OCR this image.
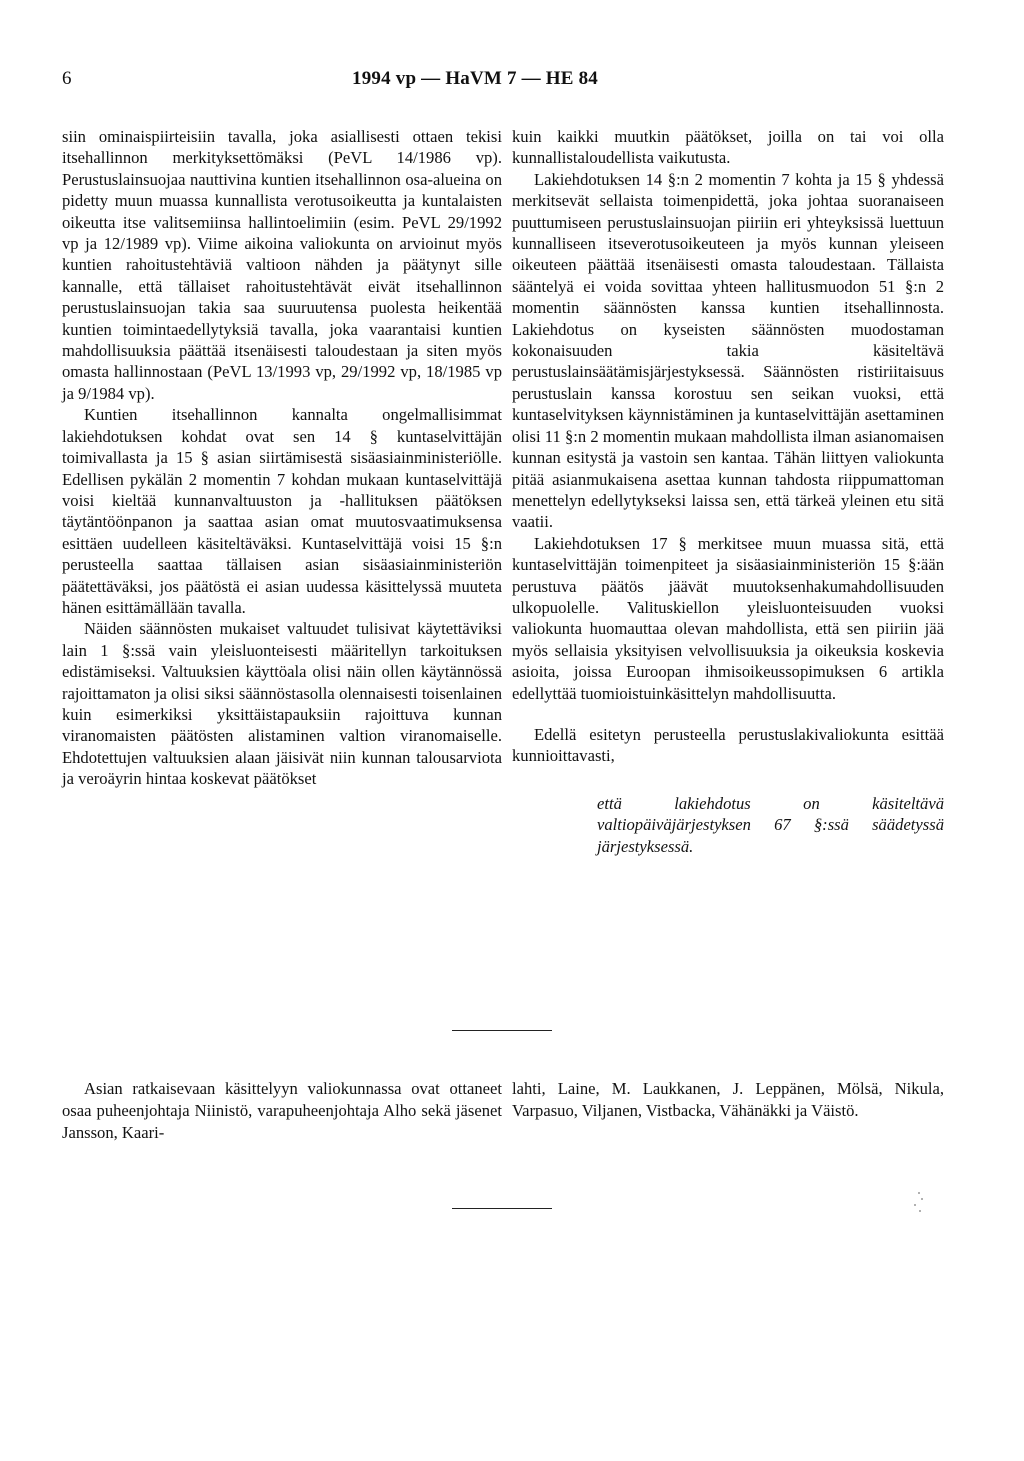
6	1994 vp — HaVM 7 — HE 84

siin ominaispiirteisiin tavalla, joka asiallisesti ottaen tekisi itsehallinnon merkityksettömäksi (PeVL 14/1986 vp). Perustuslainsuojaa nauttivina kuntien itsehallinnon osa-alueina on pidetty muun muassa kunnallista verotusoikeutta ja kuntalaisten oikeutta itse valitsemiinsa hallintoelimiin (esim. PeVL 29/1992 vp ja 12/1989 vp). Viime aikoina valiokunta on arvioinut myös kuntien rahoitustehtäviä valtioon nähden ja päätynyt sille kannalle, että tällaiset rahoitustehtävät eivät itsehallinnon perustuslainsuojan takia saa suuruutensa puolesta heikentää kuntien toimintaedellytyksiä tavalla, joka vaarantaisi kuntien mahdollisuuksia päättää itsenäisesti taloudestaan ja siten myös omasta hallinnostaan (PeVL 13/1993 vp, 29/1992 vp, 18/1985 vp ja 9/1984 vp).

Kuntien itsehallinnon kannalta ongelmallisimmat lakiehdotuksen kohdat ovat sen 14 § kuntaselvittäjän toimivallasta ja 15 § asian siirtämisestä sisäasiainministeriölle. Edellisen pykälän 2 momentin 7 kohdan mukaan kuntaselvittäjä voisi kieltää kunnanvaltuuston ja -hallituksen päätöksen täytäntöönpanon ja saattaa asian omat muutosvaatimuksensa esittäen uudelleen käsiteltäväksi. Kuntaselvittäjä voisi 15 §:n perusteella saattaa tällaisen asian sisäasiainministeriön päätettäväksi, jos päätöstä ei asian uudessa käsittelyssä muuteta hänen esittämällään tavalla.

Näiden säännösten mukaiset valtuudet tulisivat käytettäviksi lain 1 §:ssä vain yleisluonteisesti määritellyn tarkoituksen edistämiseksi. Valtuuksien käyttöala olisi näin ollen käytännössä rajoittamaton ja olisi siksi säännöstasolla olennaisesti toisenlainen kuin esimerkiksi yksittäistapauksiin rajoittuva kunnan viranomaisten päätösten alistaminen valtion viranomaiselle. Ehdotettujen valtuuksien alaan jäisivät niin kunnan talousarviota ja veroäyrin hintaa koskevat päätökset

kuin kaikki muutkin päätökset, joilla on tai voi olla kunnallistaloudellista vaikutusta.

Lakiehdotuksen 14 §:n 2 momentin 7 kohta ja 15 § yhdessä merkitsevät sellaista toimenpidettä, joka johtaa suoranaiseen puuttumiseen perustuslainsuojan piiriin eri yhteyksissä luettuun kunnalliseen itseverotusoikeuteen ja myös kunnan yleiseen oikeuteen päättää itsenäisesti omasta taloudestaan. Tällaista sääntelyä ei voida sovittaa yhteen hallitusmuodon 51 §:n 2 momentin säännösten kanssa kuntien itsehallinnosta. Lakiehdotus on kyseisten säännösten muodostaman kokonaisuuden takia käsiteltävä perustuslainsäätämisjärjestyksessä. Säännösten ristiriitaisuus perustuslain kanssa korostuu sen seikan vuoksi, että kuntaselvityksen käynnistäminen ja kuntaselvittäjän asettaminen olisi 11 §:n 2 momentin mukaan mahdollista ilman asianomaisen kunnan esitystä ja vastoin sen kantaa. Tähän liittyen valiokunta pitää asianmukaisena asettaa kunnan tahdosta riippumattoman menettelyn edellytykseksi laissa sen, että tärkeä yleinen etu sitä vaatii.

Lakiehdotuksen 17 § merkitsee muun muassa sitä, että kuntaselvittäjän toimenpiteet ja sisäasiainministeriön 15 §:ään perustuva päätös jäävät muutoksenhakumahdollisuuden ulkopuolelle. Valituskiellon yleisluonteisuuden vuoksi valiokunta huomauttaa olevan mahdollista, että sen piiriin jää myös sellaisia yksityisen velvollisuuksia ja oikeuksia koskevia asioita, joissa Euroopan ihmisoikeussopimuksen 6 artikla edellyttää tuomioistuinkäsittelyn mahdollisuutta.

Edellä esitetyn perusteella perustuslakivaliokunta esittää kunnioittavasti,

että lakiehdotus on käsiteltävä valtiopäiväjärjestyksen 67 §:ssä säädetyssä järjestyksessä.

Asian ratkaisevaan käsittelyyn valiokunnassa ovat ottaneet osaa puheenjohtaja Niinistö, varapuheenjohtaja Alho sekä jäsenet Jansson, Kaari-

lahti, Laine, M. Laukkanen, J. Leppänen, Mölsä, Nikula, Varpasuo, Viljanen, Vistbacka, Vähänäkki ja Väistö.
